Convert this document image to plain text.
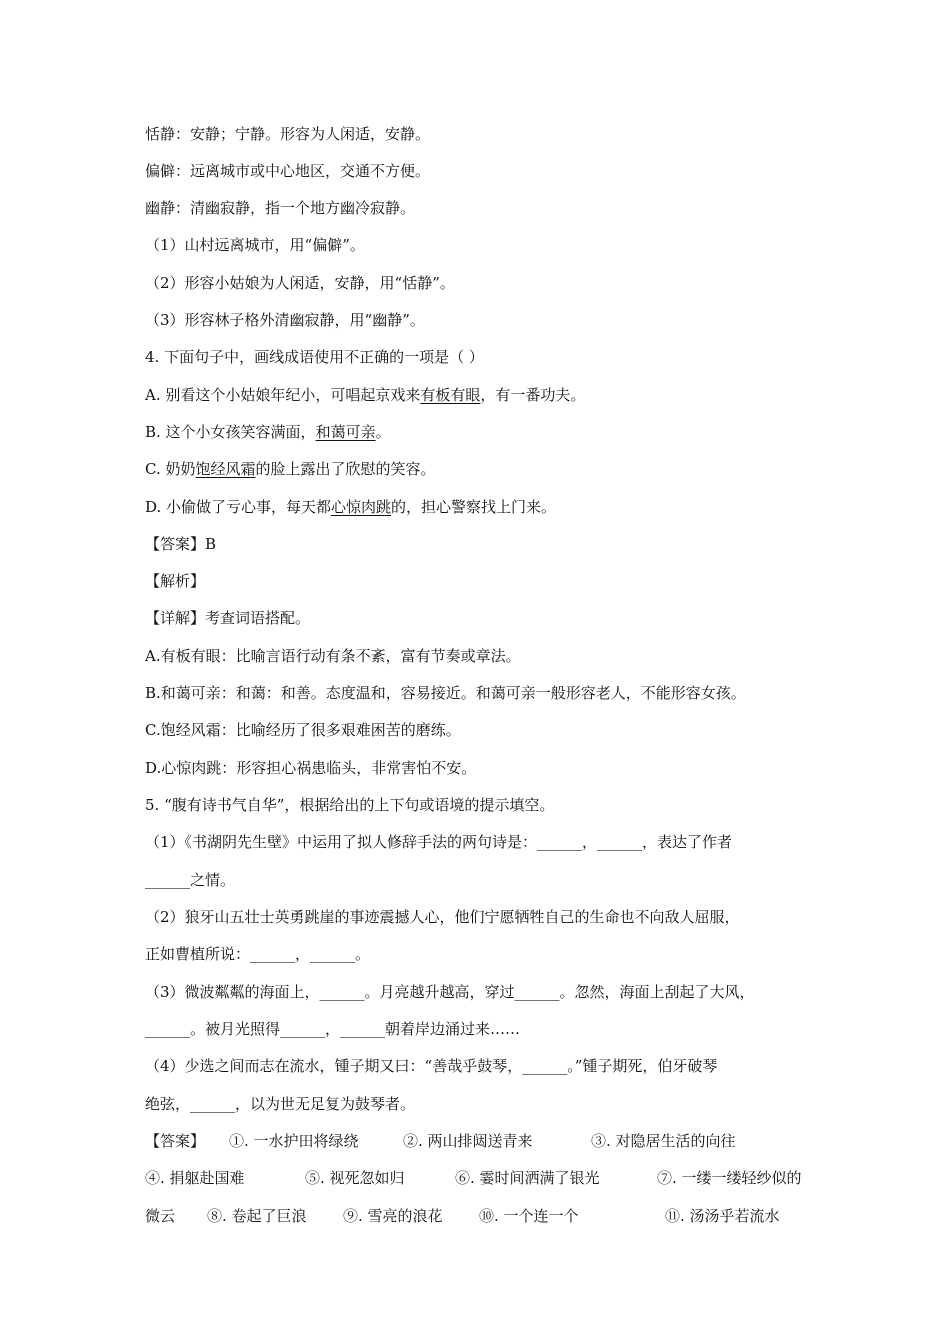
恬静：安静；宁静。形容为人闲适，安静。
偏僻：远离城市或中心地区，交通不方便。
幽静：清幽寂静，指一个地方幽冷寂静。
（1）山村远离城市，用“偏僻”。
（2）形容小姑娘为人闲适，安静，用“恬静”。
（3）形容林子格外清幽寂静，用“幽静”。
4. 下面句子中，画线成语使用不正确的一项是（ ）
A. 别看这个小姑娘年纪小，可唱起京戏来有板有眼，有一番功夫。
B. 这个小女孩笑容满面，和蔼可亲。
C. 奶奶饱经风霜的脸上露出了欣慰的笑容。
D. 小偷做了亏心事，每天都心惊肉跳的，担心警察找上门来。
【答案】B
【解析】
【详解】考查词语搭配。
A.有板有眼：比喻言语行动有条不紊，富有节奏或章法。
B.和蔼可亲：和蔼：和善。态度温和，容易接近。和蔼可亲一般形容老人，不能形容女孩。
C.饱经风霜：比喻经历了很多艰难困苦的磨练。
D.心惊肉跳：形容担心祸患临头，非常害怕不安。
5. “腹有诗书气自华”，根据给出的上下句或语境的提示填空。
（1）《书湖阴先生壁》中运用了拟人修辞手法的两句诗是：______，______，表达了作者
______之情。
（2）狼牙山五壮士英勇跳崖的事迹震撼人心，他们宁愿牺牲自己的生命也不向敌人屈服，
正如曹植所说：______，______。
（3）微波粼粼的海面上，______。月亮越升越高，穿过______。忽然，海面上刮起了大风，
______。被月光照得______，______朝着岸边涌过来……
（4）少选之间而志在流水，锺子期又曰：“善哉乎鼓琴，______。”锺子期死，伯牙破琴
绝弦，______，以为世无足复为鼓琴者。
【答案】 ①. 一水护田将绿绕	②. 两山排闼送青来	③. 对隐居生活的向往
④. 捐躯赴国难	⑤. 视死忽如归	⑥. 霎时间洒满了银光	⑦. 一缕一缕轻纱似的
微云 ⑧. 卷起了巨浪 ⑨. 雪亮的浪花 ⑩. 一个连一个	⑪. 汤汤乎若流水
